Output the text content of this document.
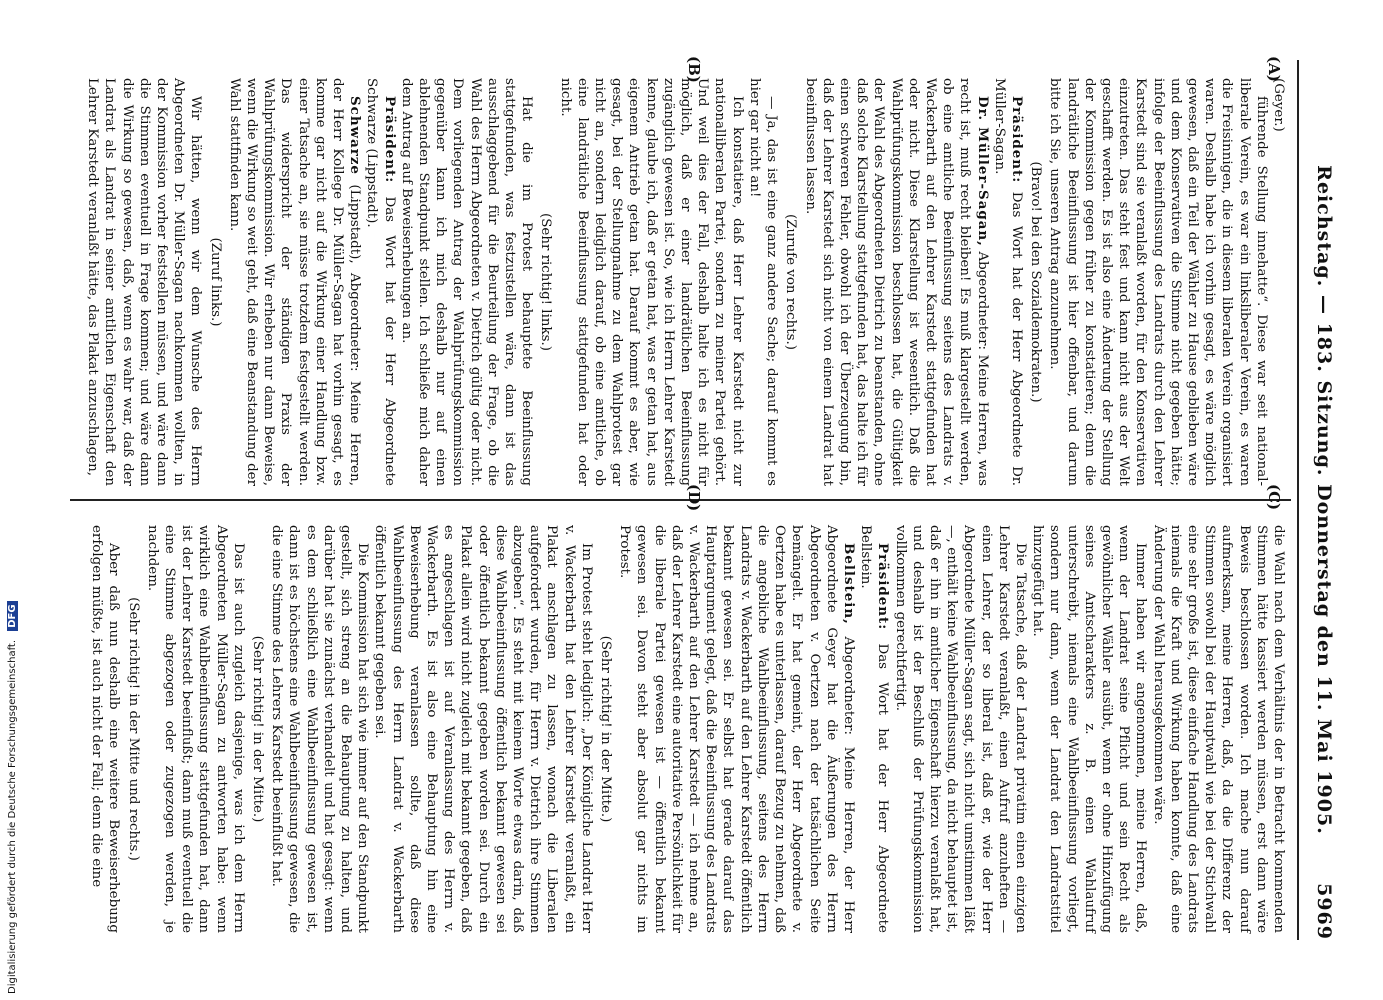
Reichstag. — 183. Sitzung. Donnerstag den 11. Mai 1905.
5969
(A)
(B)
(C)
(D)

(Geyer.)

führende Stellung innehatte“. Diese war seit national-liberale Verein, es war ein linksliberaler Verein, es waren die Freisinnigen, die in diesem liberalen Verein organisiert waren. Deshalb habe ich vorhin gesagt, es wäre möglich gewesen, daß ein Teil der Wähler zu Hause geblieben wäre und dem Konservativen die Stimme nicht gegeben hätte; infolge der Beeinflussung des Landrats durch den Lehrer Karstedt sind sie veranlaßt worden, für den Konservativen einzutreten. Das steht fest und kann nicht aus der Welt geschafft werden. Es ist also eine Änderung der Stellung der Kommission gegen früher zu konstatieren; denn die landrätliche Beeinflussung ist hier offenbar, und darum bitte ich Sie, unseren Antrag anzunehmen.

(Bravo! bei den Sozialdemokraten.)

Präsident: Das Wort hat der Herr Abgeordnete Dr. Müller-Sagan.

Dr. Müller-Sagan, Abgeordneter: Meine Herren, was recht ist, muß recht bleiben! Es muß klargestellt werden, ob eine amtliche Beeinflussung seitens des Landrats v. Wackerbarth auf den Lehrer Karstedt stattgefunden hat oder nicht. Diese Klarstellung ist wesentlich. Daß die Wahlprüfungskommission beschlossen hat, die Gültigkeit der Wahl des Abgeordneten Dietrich zu beanstanden, ohne daß solche Klarstellung stattgefunden hat, das halte ich für einen schweren Fehler, obwohl ich der Überzeugung bin, daß der Lehrer Karstedt sich nicht von einem Landrat hat beeinflussen lassen.

(Zurufe von rechts.)

— Ja, das ist eine ganz andere Sache; darauf kommt es hier gar nicht an!

Ich konstatiere, daß Herr Lehrer Karstedt nicht zur nationalliberalen Partei, sondern zu meiner Partei gehört. Und weil dies der Fall, deshalb halte ich es nicht für möglich, daß er einer landrätlichen Beeinflussung zugänglich gewesen ist. So, wie ich Herrn Lehrer Karstedt kenne, glaube ich, daß er getan hat, was er getan hat, aus eigenem Antrieb getan hat. Darauf kommt es aber, wie gesagt, bei der Stellungnahme zu dem Wahlprotest gar nicht an, sondern lediglich darauf, ob eine amtliche, ob eine landrätliche Beeinflussung stattgefunden hat oder nicht.

(Sehr richtig! links.)

Hat die im Protest behauptete Beeinflussung stattgefunden, was festzustellen wäre, dann ist das ausschlaggebend für die Beurteilung der Frage, ob die Wahl des Herrn Abgeordneten v. Dietrich gültig oder nicht. Dem vorliegenden Antrag der Wahlprüfungskommission gegenüber kann ich mich deshalb nur auf einen ablehnenden Standpunkt stellen. Ich schließe mich daher dem Antrag auf Beweiserhebungen an.

Präsident: Das Wort hat der Herr Abgeordnete Schwarze (Lippstadt).

Schwarze (Lippstadt), Abgeordneter: Meine Herren, der Herr Kollege Dr. Müller-Sagan hat vorhin gesagt, es komme gar nicht auf die Wirkung einer Handlung bzw. einer Tatsache an, sie müsse trotzdem festgestellt werden. Das widerspricht der ständigen Praxis der Wahlprüfungskommission. Wir erheben nur dann Beweise, wenn die Wirkung so weit geht, daß eine Beanstandung der Wahl stattfinden kann.

(Zuruf links.)

Wir hätten, wenn wir dem Wunsche des Herrn Abgeordneten Dr. Müller-Sagan nachkommen wollten, in der Kommission vorher feststellen müssen, und wäre dann die Stimmen eventuell in Frage kommen; und wäre dann die Wirkung so gewesen, daß, wenn es wahr war, daß der Landrat als Landrat in seiner amtlichen Eigenschaft den Lehrer Karstedt veranlaßt hätte, das Plakat anzuschlagen,

die Wahl nach dem Verhältnis der in Betracht kommenden Stimmen hätte kassiert werden müssen, erst dann wäre Beweis beschlossen worden. Ich mache nun darauf aufmerksam, meine Herren, daß, da die Differenz der Stimmen sowohl bei der Hauptwahl wie bei der Stichwahl eine sehr große ist, diese einfache Handlung des Landrats niemals die Kraft und Wirkung haben konnte, daß eine Änderung der Wahl herausgekommen wäre.

Immer haben wir angenommen, meine Herren, daß, wenn der Landrat seine Pflicht und sein Recht als gewöhnlicher Wähler ausübt, wenn er ohne Hinzufügung seines Amtscharakters z. B. einen Wahlaufruf unterschreibt, niemals eine Wahlbeeinflussung vorliegt, sondern nur dann, wenn der Landrat den Landratstitel hinzugefügt hat.

Die Tatsache, daß der Landrat privatim einen einzigen Lehrer Karstedt veranlaßt, einen Aufruf anzuheften — einen Lehrer, der so liberal ist, daß er, wie der Herr Abgeordnete Müller-Sagan sagt, sich nicht umstimmen läßt —, enthält keine Wahlbeeinflussung, da nicht behauptet ist, daß er ihn in amtlicher Eigenschaft hierzu veranlaßt hat, und deshalb ist der Beschluß der Prüfungskommission vollkommen gerechtfertigt.

Präsident: Das Wort hat der Herr Abgeordnete Bellstein.

Bellstein, Abgeordneter: Meine Herren, der Herr Abgeordnete Geyer hat die Äußerungen des Herrn Abgeordneten v. Oertzen nach der tatsächlichen Seite bemängelt. Er hat gemeint, der Herr Abgeordnete v. Oertzen habe es unterlassen, darauf Bezug zu nehmen, daß die angebliche Wahlbeeinflussung, seitens des Herrn Landrats v. Wackerbarth auf den Lehrer Karstedt öffentlich bekannt gewesen sei. Er selbst hat gerade darauf das Hauptargument gelegt, daß die Beeinflussung des Landrats v. Wackerbarth auf den Lehrer Karstedt — ich nehme an, daß der Lehrer Karstedt eine autoritative Persönlichkeit für die liberale Partei gewesen ist — öffentlich bekannt gewesen sei. Davon steht aber absolut gar nichts im Protest.

(Sehr richtig! in der Mitte.)

Im Protest steht lediglich: „Der Königliche Landrat Herr v. Wackerbarth hat den Lehrer Karstedt veranlaßt, ein Plakat anschlagen zu lassen, wonach die Liberalen aufgefordert wurden, für Herrn v. Dietrich ihre Stimmen abzugeben“. Es steht mit keinem Worte etwas darin, daß diese Wahlbeeinflussung öffentlich bekannt gewesen sei oder öffentlich bekannt gegeben worden sei. Durch ein Plakat allein wird nicht zugleich mit bekannt gegeben, daß es angeschlagen ist auf Veranlassung des Herrn v. Wackerbarth. Es ist also eine Behauptung hin eine Beweiserhebung veranlassen sollte, daß diese Wahlbeeinflussung des Herrn Landrat v. Wackerbarth öffentlich bekannt gegeben sei.

Die Kommission hat sich wie immer auf den Standpunkt gestellt, sich streng an die Behauptung zu halten, und darüber hat sie zunächst verhandelt und hat gesagt: wenn es dem schließlich eine Wahlbeeinflussung gewesen ist, dann ist es höchstens eine Wahlbeeinflussung gewesen, die die eine Stimme des Lehrers Karstedt beeinflußt hat.

(Sehr richtig! in der Mitte.)

Das ist auch zugleich dasjenige, was ich dem Herrn Abgeordneten Müller-Sagan zu antworten habe: wenn wirklich eine Wahlbeeinflussung stattgefunden hat, dann ist der Lehrer Karstedt beeinflußt; dann muß eventuell die eine Stimme abgezogen oder zugezogen werden, je nachdem.

(Sehr richtig! in der Mitte und rechts.)

Aber daß nun deshalb eine weitere Beweiserhebung erfolgen müßte, ist auch nicht der Fall; denn die eine

Digitalisierung gefördert durch die Deutsche Forschungsgemeinschaft. DFG
